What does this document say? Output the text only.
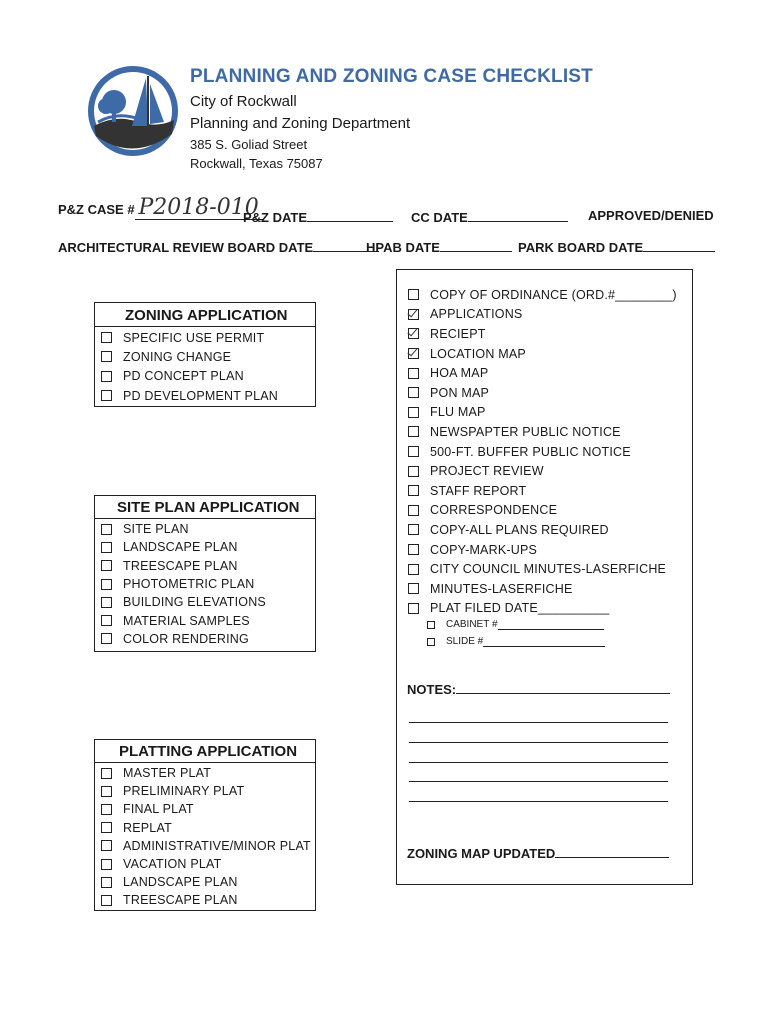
PLANNING AND ZONING CASE CHECKLIST
City of Rockwall
Planning and Zoning Department
385 S. Goliad Street
Rockwall, Texas 75087
P&Z CASE # P2018-010
P&Z DATE	CC DATE	APPROVED/DENIED
ARCHITECTURAL REVIEW BOARD DATE	HPAB DATE	PARK BOARD DATE
ZONING APPLICATION
SPECIFIC USE PERMIT
ZONING CHANGE
PD CONCEPT PLAN
PD DEVELOPMENT PLAN
SITE PLAN APPLICATION
SITE PLAN
LANDSCAPE PLAN
TREESCAPE PLAN
PHOTOMETRIC PLAN
BUILDING ELEVATIONS
MATERIAL SAMPLES
COLOR RENDERING
PLATTING APPLICATION
MASTER PLAT
PRELIMINARY PLAT
FINAL PLAT
REPLAT
ADMINISTRATIVE/MINOR PLAT
VACATION PLAT
LANDSCAPE PLAN
TREESCAPE PLAN
COPY OF ORDINANCE (ORD.#________)
APPLICATIONS
RECIEPT
LOCATION MAP
HOA MAP
PON MAP
FLU MAP
NEWSPAPTER PUBLIC NOTICE
500-FT. BUFFER PUBLIC NOTICE
PROJECT REVIEW
STAFF REPORT
CORRESPONDENCE
COPY-ALL PLANS REQUIRED
COPY-MARK-UPS
CITY COUNCIL MINUTES-LASERFICHE
MINUTES-LASERFICHE
PLAT FILED DATE__________
CABINET #
SLIDE #
NOTES:
ZONING MAP UPDATED
